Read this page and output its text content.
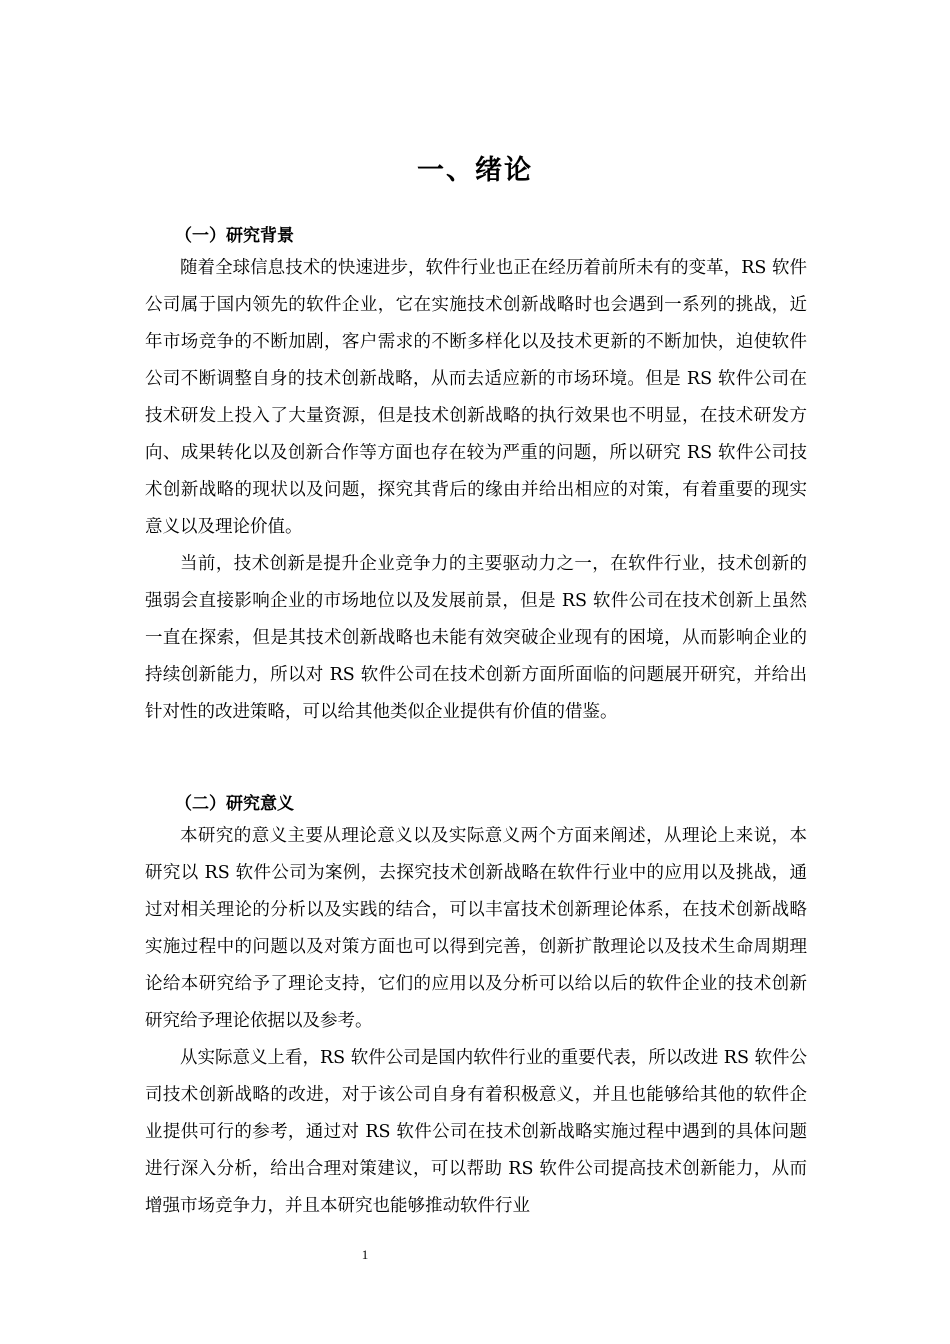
一、绪论
（一）研究背景

随着全球信息技术的快速进步，软件行业也正在经历着前所未有的变革，RS 软件公司属于国内领先的软件企业，它在实施技术创新战略时也会遇到一系列的挑战，近年市场竞争的不断加剧，客户需求的不断多样化以及技术更新的不断加快，迫使软件公司不断调整自身的技术创新战略，从而去适应新的市场环境。但是 RS 软件公司在技术研发上投入了大量资源，但是技术创新战略的执行效果也不明显，在技术研发方向、成果转化以及创新合作等方面也存在较为严重的问题，所以研究 RS 软件公司技术创新战略的现状以及问题，探究其背后的缘由并给出相应的对策，有着重要的现实意义以及理论价值。

当前，技术创新是提升企业竞争力的主要驱动力之一，在软件行业，技术创新的强弱会直接影响企业的市场地位以及发展前景，但是 RS 软件公司在技术创新上虽然一直在探索，但是其技术创新战略也未能有效突破企业现有的困境，从而影响企业的持续创新能力，所以对 RS 软件公司在技术创新方面所面临的问题展开研究，并给出针对性的改进策略，可以给其他类似企业提供有价值的借鉴。

（二）研究意义

本研究的意义主要从理论意义以及实际意义两个方面来阐述，从理论上来说，本研究以 RS 软件公司为案例，去探究技术创新战略在软件行业中的应用以及挑战，通过对相关理论的分析以及实践的结合，可以丰富技术创新理论体系，在技术创新战略实施过程中的问题以及对策方面也可以得到完善，创新扩散理论以及技术生命周期理论给本研究给予了理论支持，它们的应用以及分析可以给以后的软件企业的技术创新研究给予理论依据以及参考。

从实际意义上看，RS 软件公司是国内软件行业的重要代表，所以改进 RS 软件公司技术创新战略的改进，对于该公司自身有着积极意义，并且也能够给其他的软件企业提供可行的参考，通过对 RS 软件公司在技术创新战略实施过程中遇到的具体问题进行深入分析，给出合理对策建议，可以帮助 RS 软件公司提高技术创新能力，从而增强市场竞争力，并且本研究也能够推动软件行业

1
